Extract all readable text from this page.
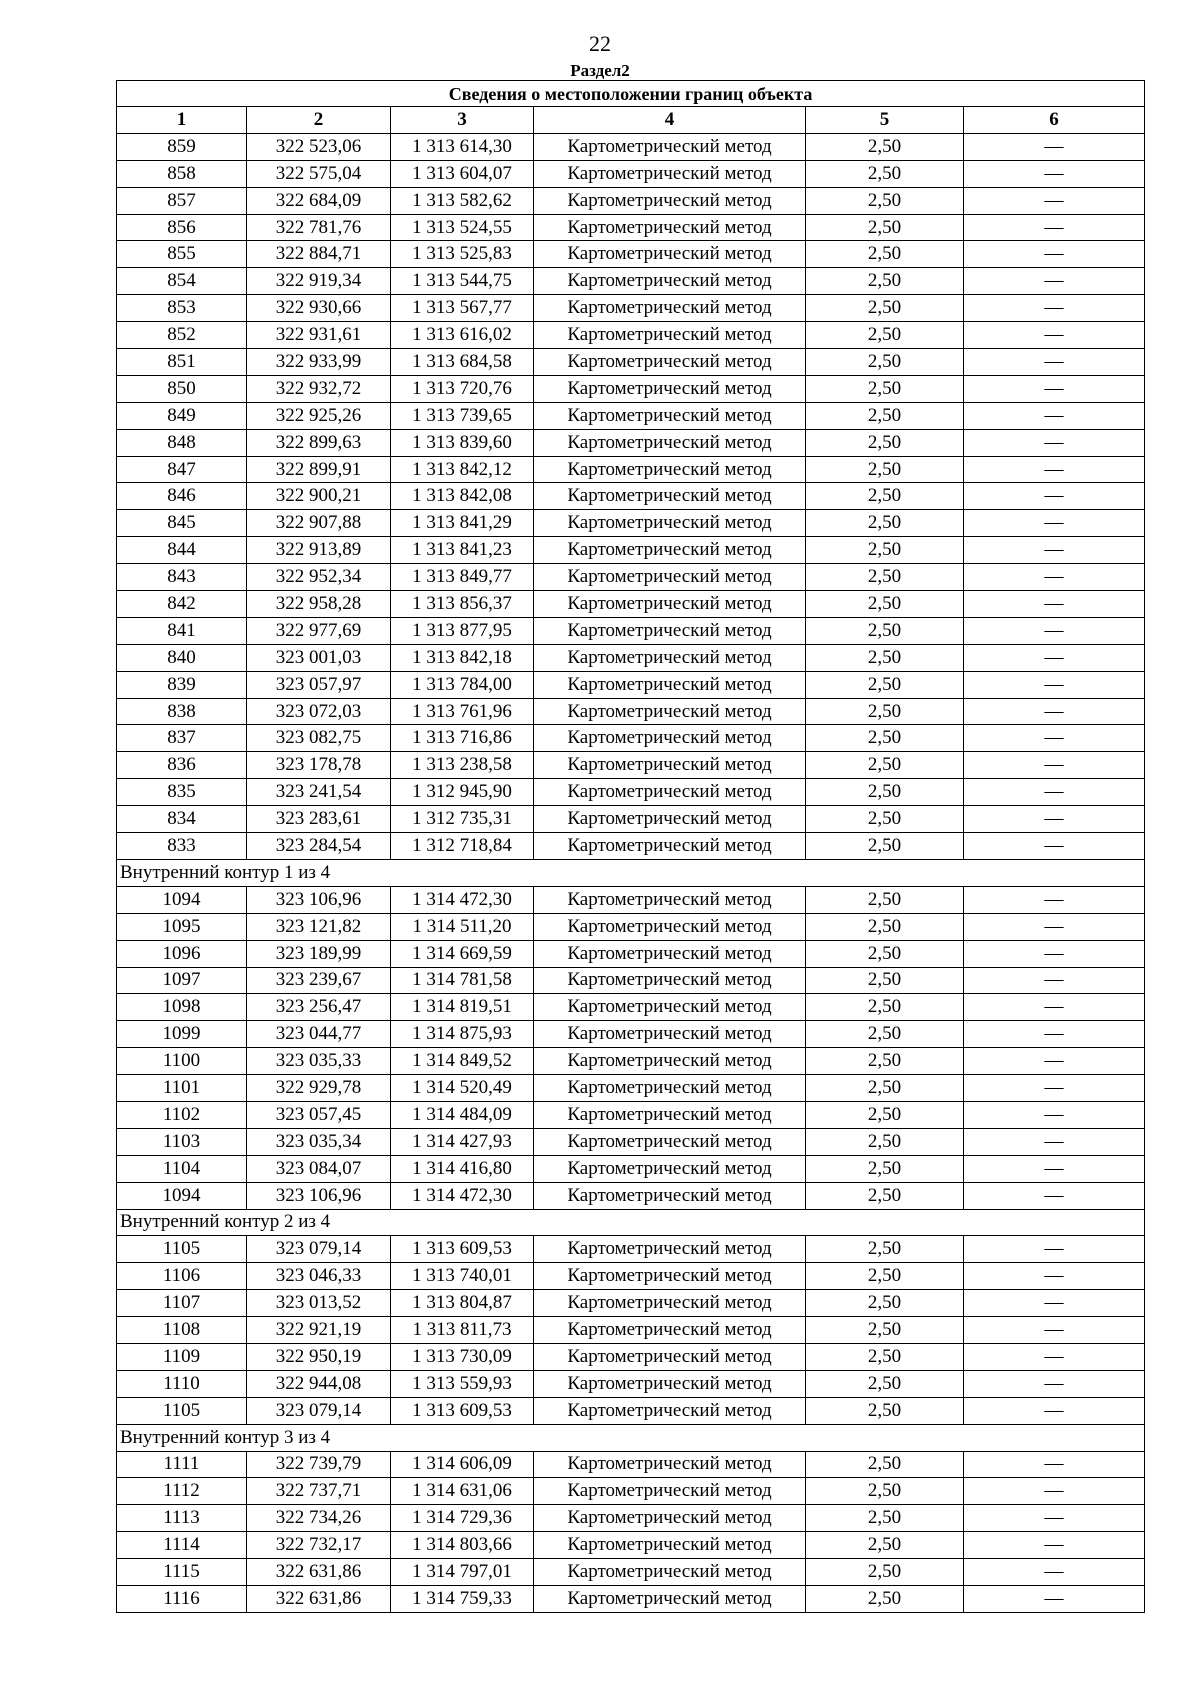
22
Раздел2
Сведения о местоположении границ объекта					
1	2	3	4	5	6
859	322 523,06	1 313 614,30	Картометрический метод	2,50	—
858	322 575,04	1 313 604,07	Картометрический метод	2,50	—
857	322 684,09	1 313 582,62	Картометрический метод	2,50	—
856	322 781,76	1 313 524,55	Картометрический метод	2,50	—
855	322 884,71	1 313 525,83	Картометрический метод	2,50	—
854	322 919,34	1 313 544,75	Картометрический метод	2,50	—
853	322 930,66	1 313 567,77	Картометрический метод	2,50	—
852	322 931,61	1 313 616,02	Картометрический метод	2,50	—
851	322 933,99	1 313 684,58	Картометрический метод	2,50	—
850	322 932,72	1 313 720,76	Картометрический метод	2,50	—
849	322 925,26	1 313 739,65	Картометрический метод	2,50	—
848	322 899,63	1 313 839,60	Картометрический метод	2,50	—
847	322 899,91	1 313 842,12	Картометрический метод	2,50	—
846	322 900,21	1 313 842,08	Картометрический метод	2,50	—
845	322 907,88	1 313 841,29	Картометрический метод	2,50	—
844	322 913,89	1 313 841,23	Картометрический метод	2,50	—
843	322 952,34	1 313 849,77	Картометрический метод	2,50	—
842	322 958,28	1 313 856,37	Картометрический метод	2,50	—
841	322 977,69	1 313 877,95	Картометрический метод	2,50	—
840	323 001,03	1 313 842,18	Картометрический метод	2,50	—
839	323 057,97	1 313 784,00	Картометрический метод	2,50	—
838	323 072,03	1 313 761,96	Картометрический метод	2,50	—
837	323 082,75	1 313 716,86	Картометрический метод	2,50	—
836	323 178,78	1 313 238,58	Картометрический метод	2,50	—
835	323 241,54	1 312 945,90	Картометрический метод	2,50	—
834	323 283,61	1 312 735,31	Картометрический метод	2,50	—
833	323 284,54	1 312 718,84	Картометрический метод	2,50	—
Внутренний контур 1 из 4					
1094	323 106,96	1 314 472,30	Картометрический метод	2,50	—
1095	323 121,82	1 314 511,20	Картометрический метод	2,50	—
1096	323 189,99	1 314 669,59	Картометрический метод	2,50	—
1097	323 239,67	1 314 781,58	Картометрический метод	2,50	—
1098	323 256,47	1 314 819,51	Картометрический метод	2,50	—
1099	323 044,77	1 314 875,93	Картометрический метод	2,50	—
1100	323 035,33	1 314 849,52	Картометрический метод	2,50	—
1101	322 929,78	1 314 520,49	Картометрический метод	2,50	—
1102	323 057,45	1 314 484,09	Картометрический метод	2,50	—
1103	323 035,34	1 314 427,93	Картометрический метод	2,50	—
1104	323 084,07	1 314 416,80	Картометрический метод	2,50	—
1094	323 106,96	1 314 472,30	Картометрический метод	2,50	—
Внутренний контур 2 из 4					
1105	323 079,14	1 313 609,53	Картометрический метод	2,50	—
1106	323 046,33	1 313 740,01	Картометрический метод	2,50	—
1107	323 013,52	1 313 804,87	Картометрический метод	2,50	—
1108	322 921,19	1 313 811,73	Картометрический метод	2,50	—
1109	322 950,19	1 313 730,09	Картометрический метод	2,50	—
1110	322 944,08	1 313 559,93	Картометрический метод	2,50	—
1105	323 079,14	1 313 609,53	Картометрический метод	2,50	—
Внутренний контур 3 из 4					
1111	322 739,79	1 314 606,09	Картометрический метод	2,50	—
1112	322 737,71	1 314 631,06	Картометрический метод	2,50	—
1113	322 734,26	1 314 729,36	Картометрический метод	2,50	—
1114	322 732,17	1 314 803,66	Картометрический метод	2,50	—
1115	322 631,86	1 314 797,01	Картометрический метод	2,50	—
1116	322 631,86	1 314 759,33	Картометрический метод	2,50	—
